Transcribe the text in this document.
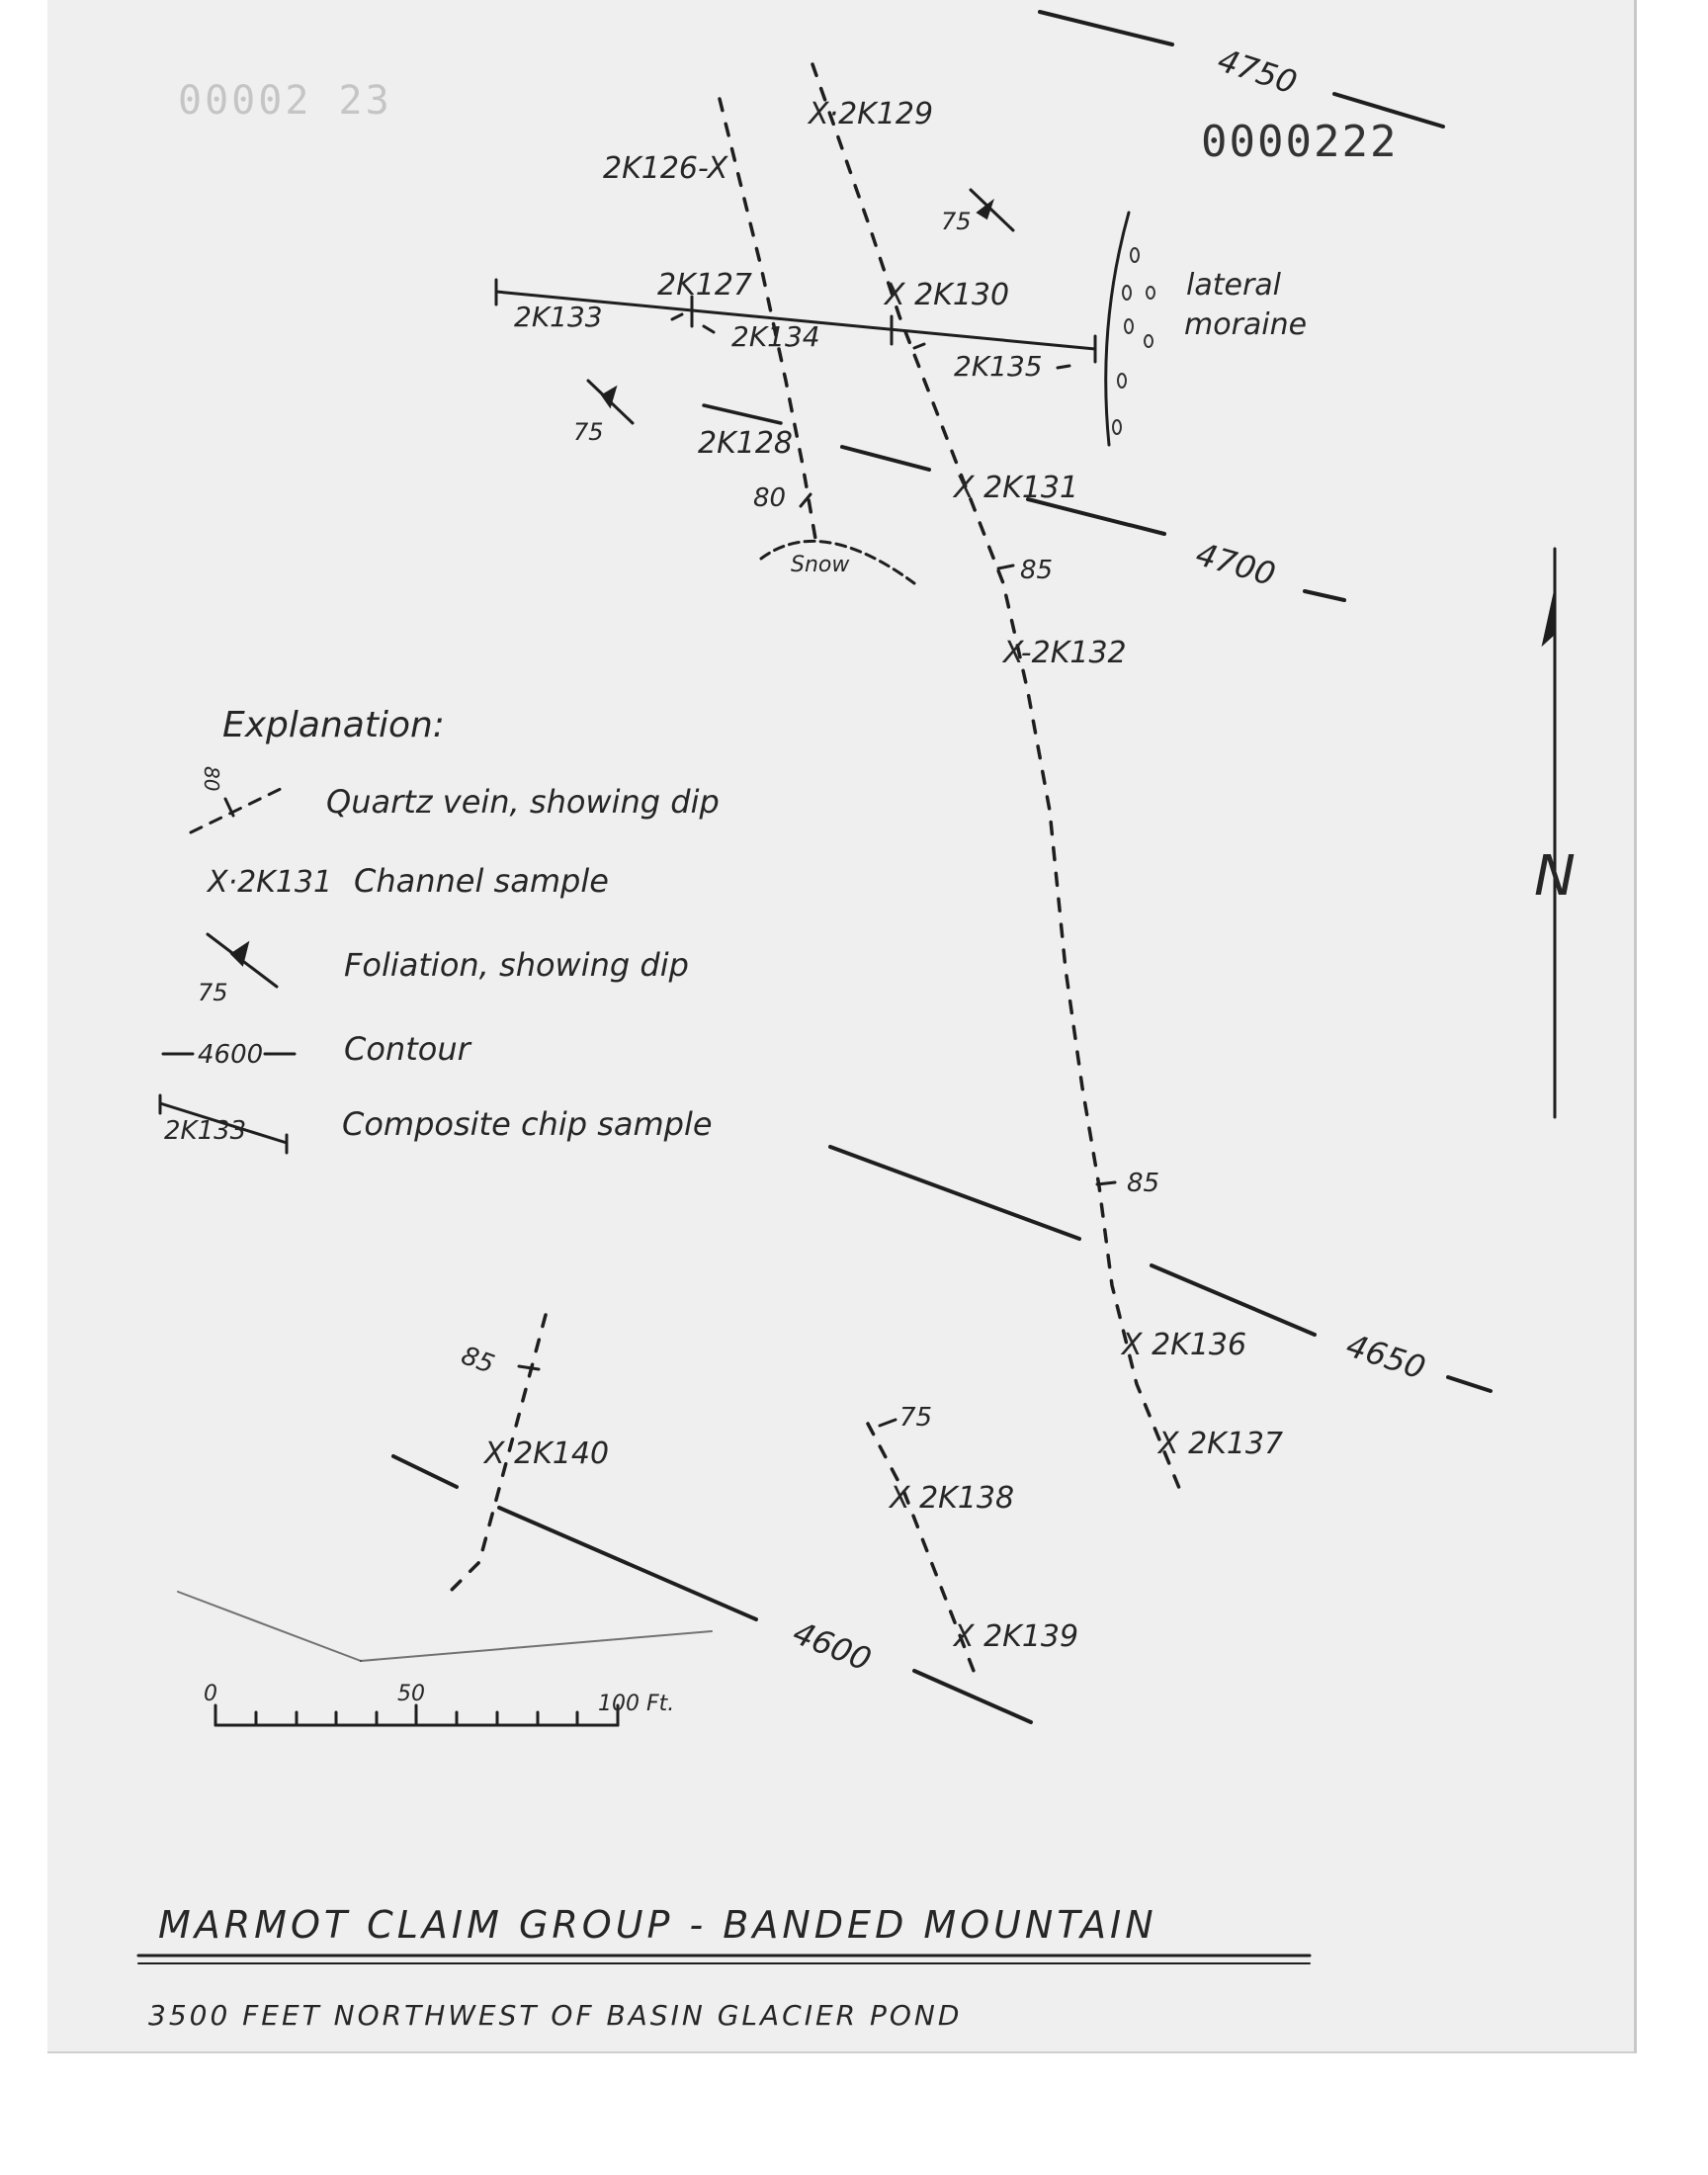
0000222
00002 23	4750
4700
4650
4600
85
85
85
75
80
2K133
2K134
2K135
X·2K129
2K126-X
2K127	X 2K130
2K128
X 2K131
X-2K132
X 2K136
X 2K137
X 2K138
X 2K139
X 2K140
75
75
lateral
moraine
Snow
N
Explanation:
80
Quartz vein, showing dip
X·2K131 Channel sample
75
Foliation, showing dip
4600	Contour
2K133	Composite chip sample
0	50	100 Ft.
MARMOT CLAIM GROUP - BANDED MOUNTAIN
3500 FEET NORTHWEST OF BASIN GLACIER POND
